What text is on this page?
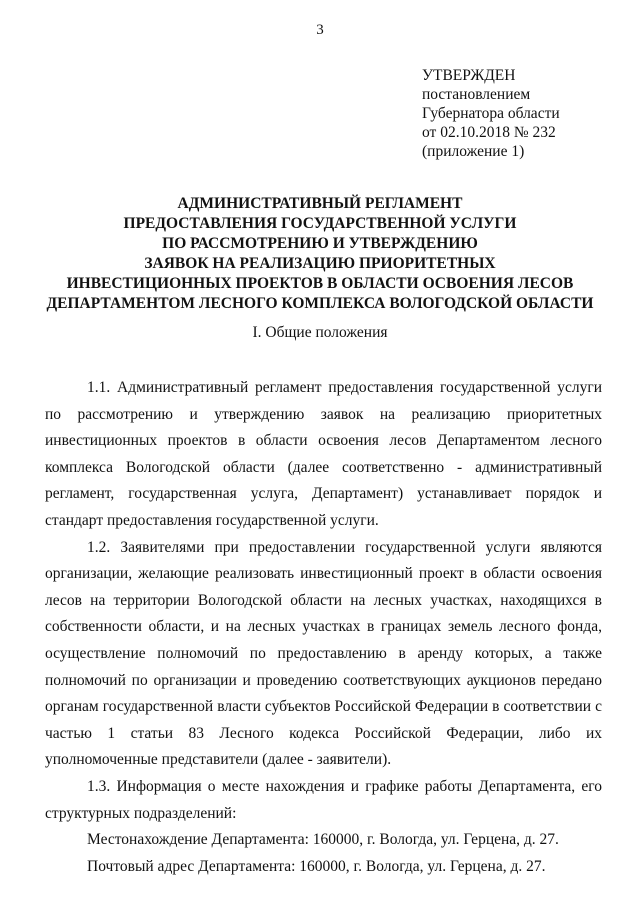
3
УТВЕРЖДЕН
постановлением
Губернатора области
от 02.10.2018 № 232
(приложение 1)
АДМИНИСТРАТИВНЫЙ РЕГЛАМЕНТ
ПРЕДОСТАВЛЕНИЯ ГОСУДАРСТВЕННОЙ УСЛУГИ
ПО РАССМОТРЕНИЮ И УТВЕРЖДЕНИЮ
ЗАЯВОК НА РЕАЛИЗАЦИЮ ПРИОРИТЕТНЫХ
ИНВЕСТИЦИОННЫХ ПРОЕКТОВ В ОБЛАСТИ ОСВОЕНИЯ ЛЕСОВ
ДЕПАРТАМЕНТОМ ЛЕСНОГО КОМПЛЕКСА ВОЛОГОДСКОЙ ОБЛАСТИ
I. Общие положения

1.1. Административный регламент предоставления государственной услуги по рассмотрению и утверждению заявок на реализацию приоритетных инвестиционных проектов в области освоения лесов Департаментом лесного комплекса Вологодской области (далее соответственно - административный регламент, государственная услуга, Департамент) устанавливает порядок и стандарт предоставления государственной услуги.

1.2. Заявителями при предоставлении государственной услуги являются организации, желающие реализовать инвестиционный проект в области освоения лесов на территории Вологодской области на лесных участках, находящихся в собственности области, и на лесных участках в границах земель лесного фонда, осуществление полномочий по предоставлению в аренду которых, а также полномочий по организации и проведению соответствующих аукционов передано органам государственной власти субъектов Российской Федерации в соответствии с частью 1 статьи 83 Лесного кодекса Российской Федерации, либо их уполномоченные представители (далее - заявители).

1.3. Информация о месте нахождения и графике работы Департамента, его структурных подразделений:

Местонахождение Департамента: 160000, г. Вологда, ул. Герцена, д. 27.

Почтовый адрес Департамента: 160000, г. Вологда, ул. Герцена, д. 27.
